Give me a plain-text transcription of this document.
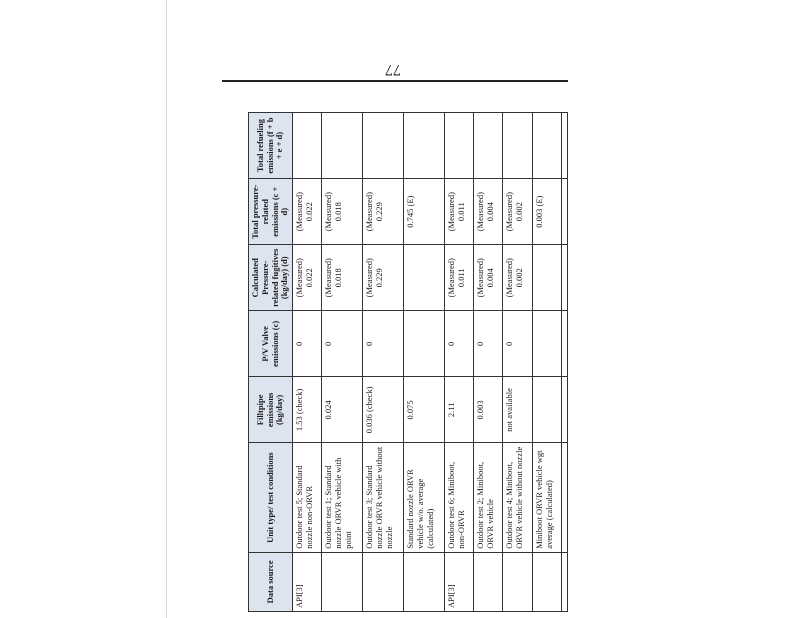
77
Data source	Unit type/ test conditions	Filltpipe emissions (kg/day)	P/V Valve emissions (c)	Calculated Pressure-related fugitives (kg/day) (d)	Total pressure-related emissions (c + d)	Total refueling emissions (f + b + e + d)
API[3]	Outdoor test 5; Standard nozzle non-ORVR	1.53 (check)	0	(Measured) 0.022	(Measured) 0.022	
	Outdoor test 1; Standard nozzle ORVR vehicle with point	0.024	0	(Measured) 0.018	(Measured) 0.018	
	Outdoor test 3; Standard nozzle ORVR vehicle without nozzle	0.036 (check)	0	(Measured) 0.229	(Measured) 0.229	
	Standard nozzle ORVR vehicle w/o. average (calculated)	0.075			0.745 (E)	
API[3]	Outdoor test 6; Miniboot, non-ORVR	2.11	0	(Measured) 0.011	(Measured) 0.011	
	Outdoor test 2; Miniboot, ORVR vehicle	0.003	0	(Measured) 0.004	(Measured) 0.004	
	Outdoor test 4; Miniboot, ORVR vehicle without nozzle	not available	0	(Measured) 0.002	(Measured) 0.002	
	Miniboot ORVR vehicle wgt average (calculated)				0.003 (E)	
